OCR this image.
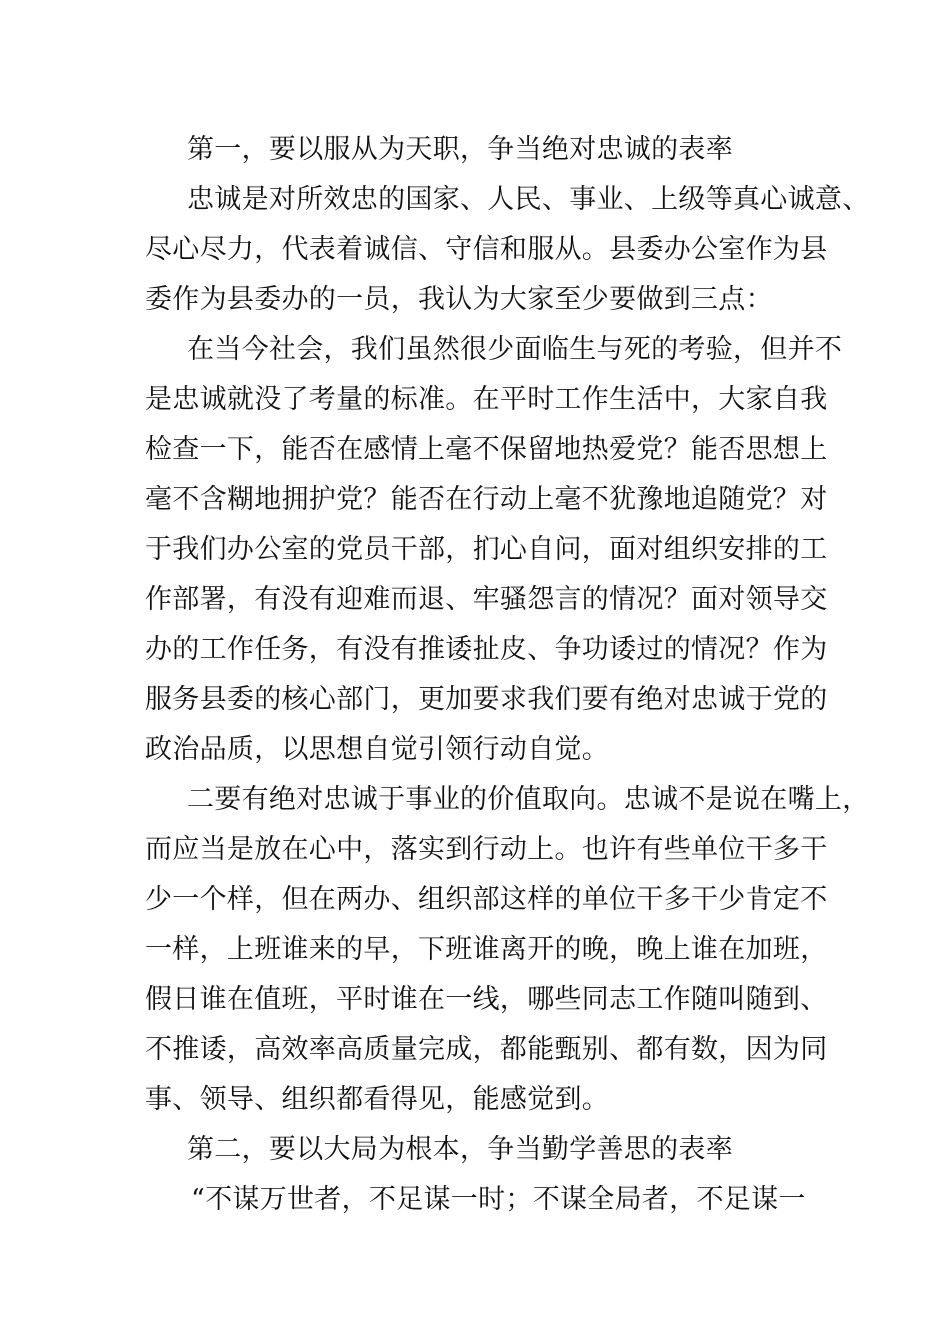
第一，要以服从为天职，争当绝对忠诚的表率
忠诚是对所效忠的国家、人民、事业、上级等真心诚意、
尽心尽力，代表着诚信、守信和服从。县委办公室作为县
委作为县委办的一员，我认为大家至少要做到三点：
在当今社会，我们虽然很少面临生与死的考验，但并不
是忠诚就没了考量的标准。在平时工作生活中，大家自我
检查一下，能否在感情上毫不保留地热爱党？能否思想上
毫不含糊地拥护党？能否在行动上毫不犹豫地追随党？对
于我们办公室的党员干部，扪心自问，面对组织安排的工
作部署，有没有迎难而退、牢骚怨言的情况？面对领导交
办的工作任务，有没有推诿扯皮、争功诿过的情况？作为
服务县委的核心部门，更加要求我们要有绝对忠诚于党的
政治品质，以思想自觉引领行动自觉。
二要有绝对忠诚于事业的价值取向。忠诚不是说在嘴上，
而应当是放在心中，落实到行动上。也许有些单位干多干
少一个样，但在两办、组织部这样的单位干多干少肯定不
一样，上班谁来的早，下班谁离开的晚，晚上谁在加班，
假日谁在值班，平时谁在一线，哪些同志工作随叫随到、
不推诿，高效率高质量完成，都能甄别、都有数，因为同
事、领导、组织都看得见，能感觉到。
第二，要以大局为根本，争当勤学善思的表率
“不谋万世者，不足谋一时；不谋全局者，不足谋一
